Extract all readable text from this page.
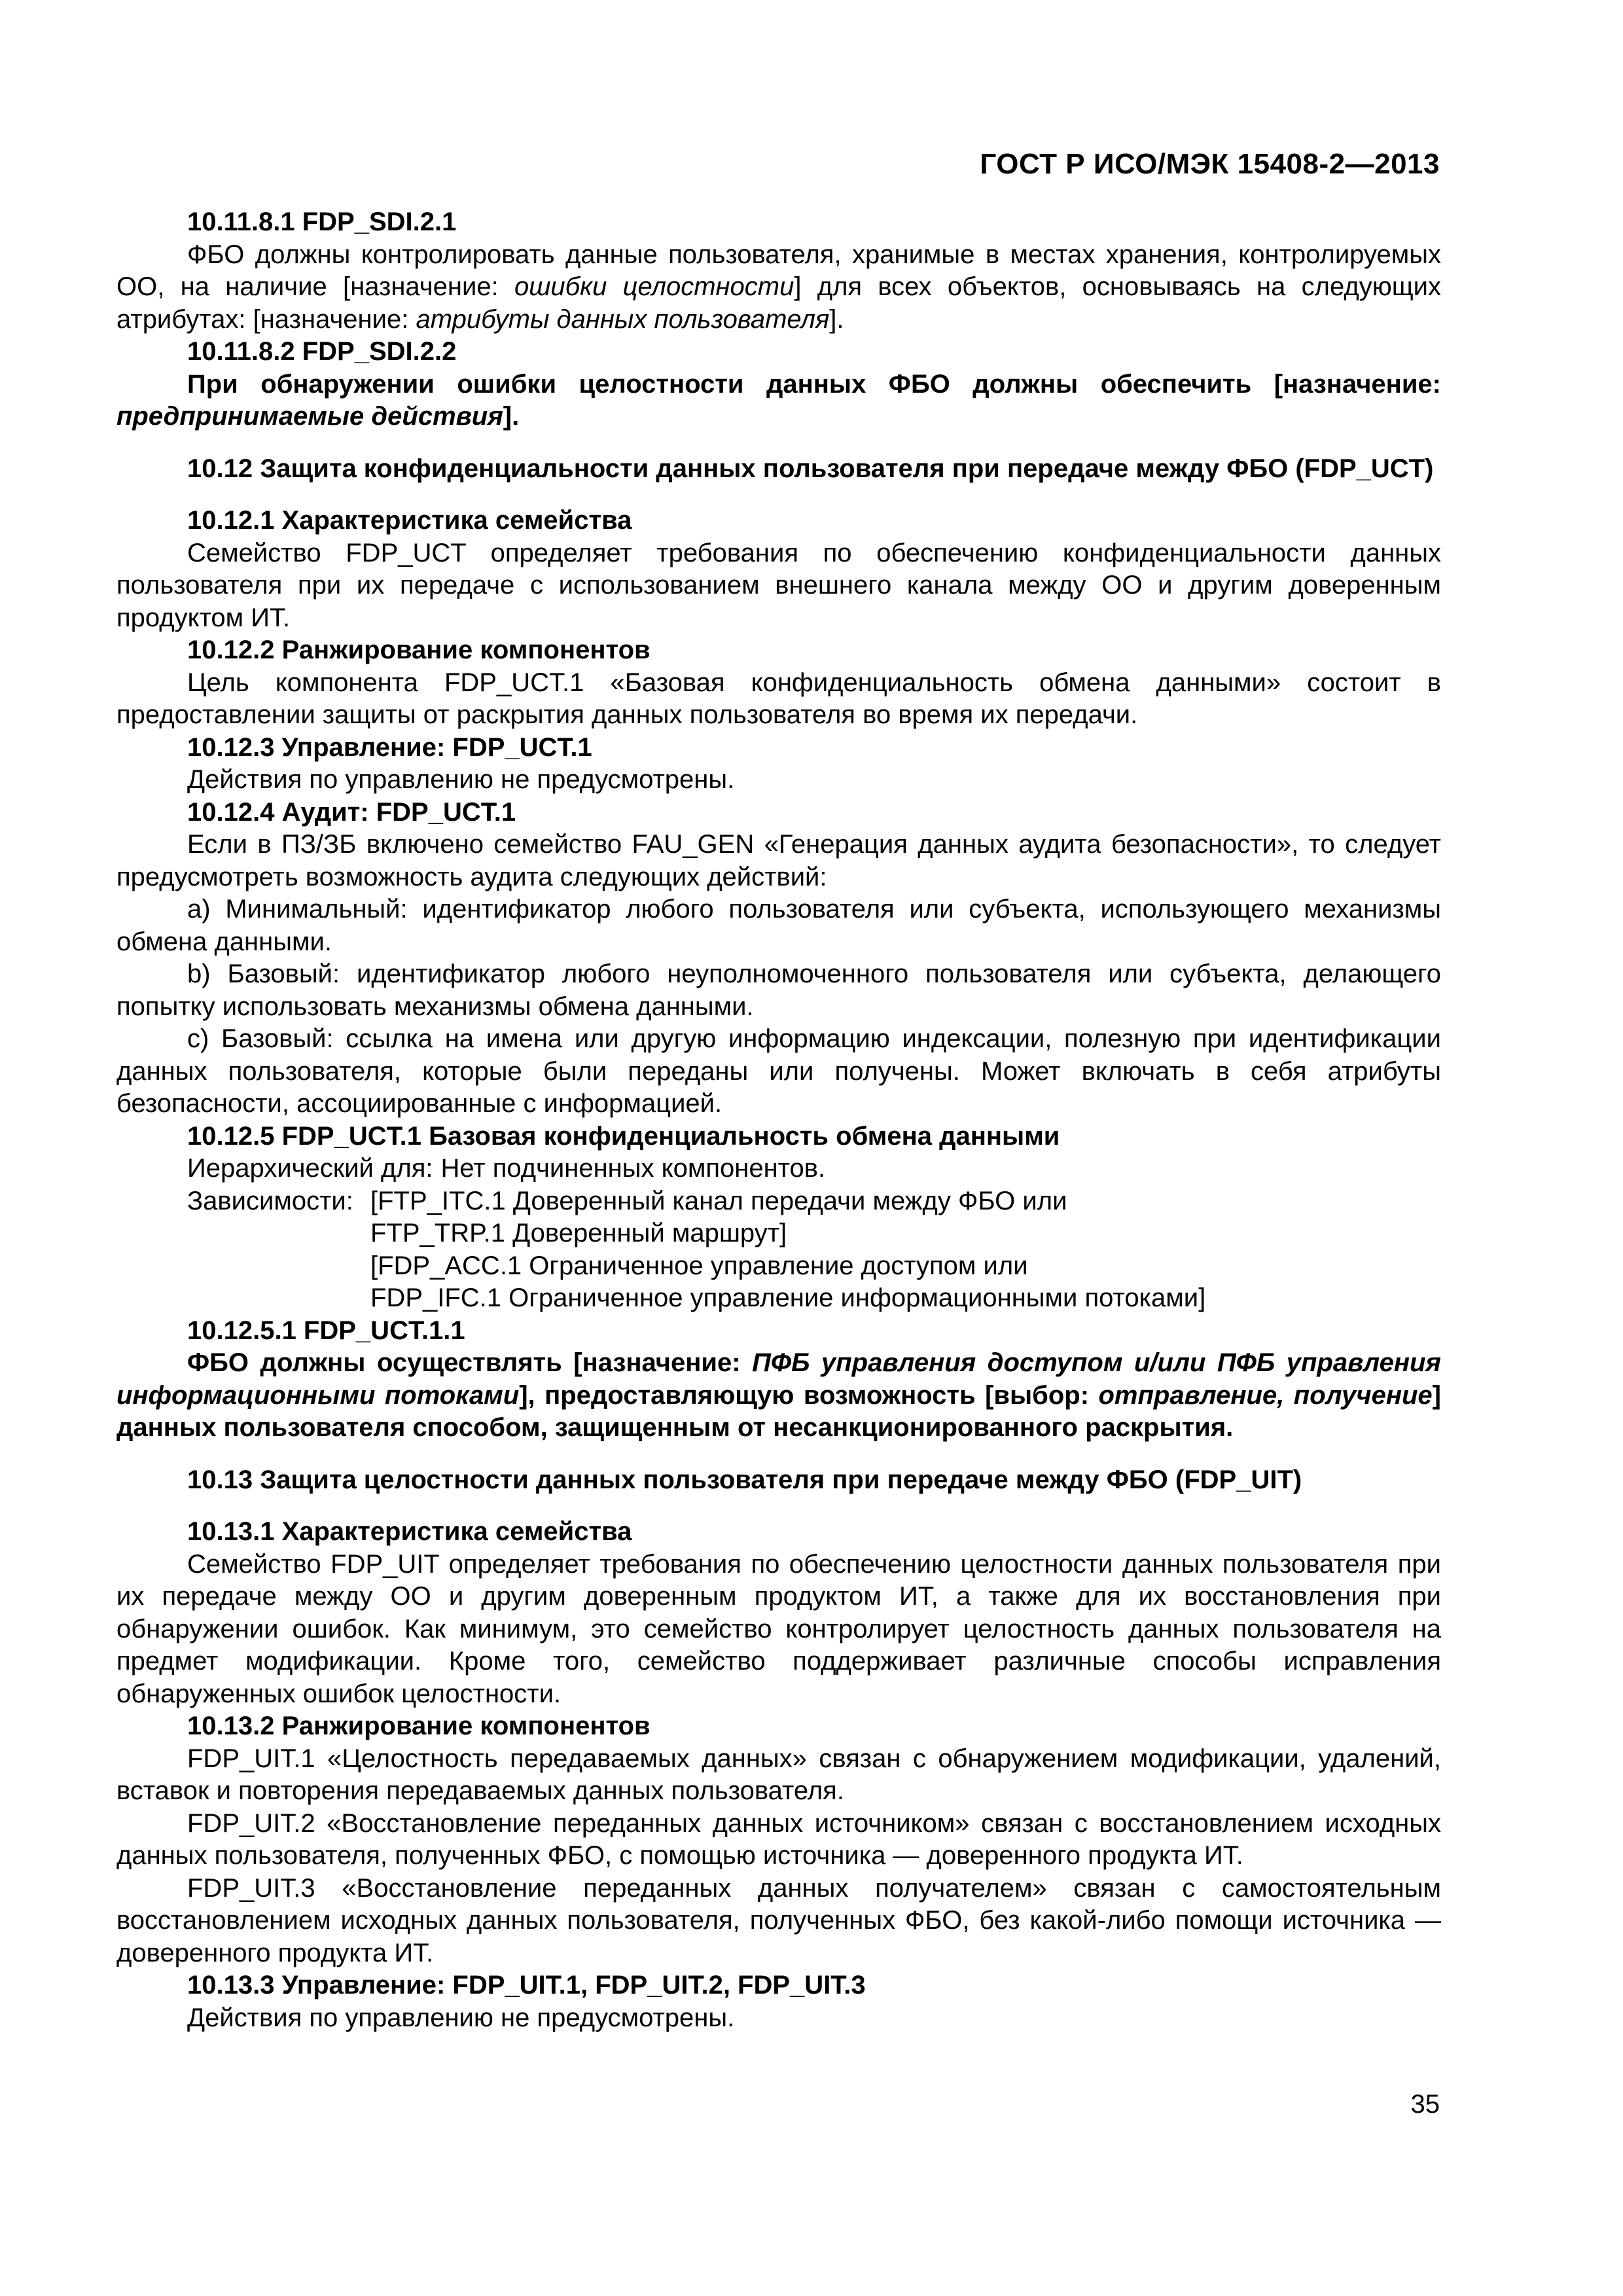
ГОСТ Р ИСО/МЭК 15408-2—2013

10.11.8.1 FDP_SDI.2.1

ФБО должны контролировать данные пользователя, хранимые в местах хранения, контролируемых ОО, на наличие [назначение: ошибки целостности] для всех объектов, основываясь на следующих атрибутах: [назначение: атрибуты данных пользователя].

10.11.8.2 FDP_SDI.2.2

При обнаружении ошибки целостности данных ФБО должны обеспечить [назначение: предпринимаемые действия].

10.12 Защита конфиденциальности данных пользователя при передаче между ФБО (FDP_UCT)

10.12.1 Характеристика семейства

Семейство FDP_UCT определяет требования по обеспечению конфиденциальности данных пользователя при их передаче с использованием внешнего канала между ОО и другим доверенным продуктом ИТ.

10.12.2 Ранжирование компонентов

Цель компонента FDP_UCT.1 «Базовая конфиденциальность обмена данными» состоит в предоставлении защиты от раскрытия данных пользователя во время их передачи.

10.12.3 Управление: FDP_UCT.1

Действия по управлению не предусмотрены.

10.12.4 Аудит: FDP_UCT.1

Если в ПЗ/ЗБ включено семейство FAU_GEN «Генерация данных аудита безопасности», то следует предусмотреть возможность аудита следующих действий:

a) Минимальный: идентификатор любого пользователя или субъекта, использующего механизмы обмена данными.

b) Базовый: идентификатор любого неуполномоченного пользователя или субъекта, делающего попытку использовать механизмы обмена данными.

c) Базовый: ссылка на имена или другую информацию индексации, полезную при идентификации данных пользователя, которые были переданы или получены. Может включать в себя атрибуты безопасности, ассоциированные с информацией.

10.12.5 FDP_UCT.1 Базовая конфиденциальность обмена данными

Иерархический для: Нет подчиненных компонентов.
Зависимости: [FTP_ITC.1 Доверенный канал передачи между ФБО или
FTP_TRP.1 Доверенный маршрут]
[FDP_ACC.1 Ограниченное управление доступом или
FDP_IFC.1 Ограниченное управление информационными потоками]

10.12.5.1 FDP_UCT.1.1

ФБО должны осуществлять [назначение: ПФБ управления доступом и/или ПФБ управления информационными потоками], предоставляющую возможность [выбор: отправление, получение] данных пользователя способом, защищенным от несанкционированного раскрытия.

10.13 Защита целостности данных пользователя при передаче между ФБО (FDP_UIT)

10.13.1 Характеристика семейства

Семейство FDP_UIT определяет требования по обеспечению целостности данных пользователя при их передаче между ОО и другим доверенным продуктом ИТ, а также для их восстановления при обнаружении ошибок. Как минимум, это семейство контролирует целостность данных пользователя на предмет модификации. Кроме того, семейство поддерживает различные способы исправления обнаруженных ошибок целостности.

10.13.2 Ранжирование компонентов

FDP_UIT.1 «Целостность передаваемых данных» связан с обнаружением модификации, удалений, вставок и повторения передаваемых данных пользователя.

FDP_UIT.2 «Восстановление переданных данных источником» связан с восстановлением исходных данных пользователя, полученных ФБО, с помощью источника — доверенного продукта ИТ.

FDP_UIT.3 «Восстановление переданных данных получателем» связан с самостоятельным восстановлением исходных данных пользователя, полученных ФБО, без какой-либо помощи источника — доверенного продукта ИТ.

10.13.3 Управление: FDP_UIT.1, FDP_UIT.2, FDP_UIT.3

Действия по управлению не предусмотрены.

35
